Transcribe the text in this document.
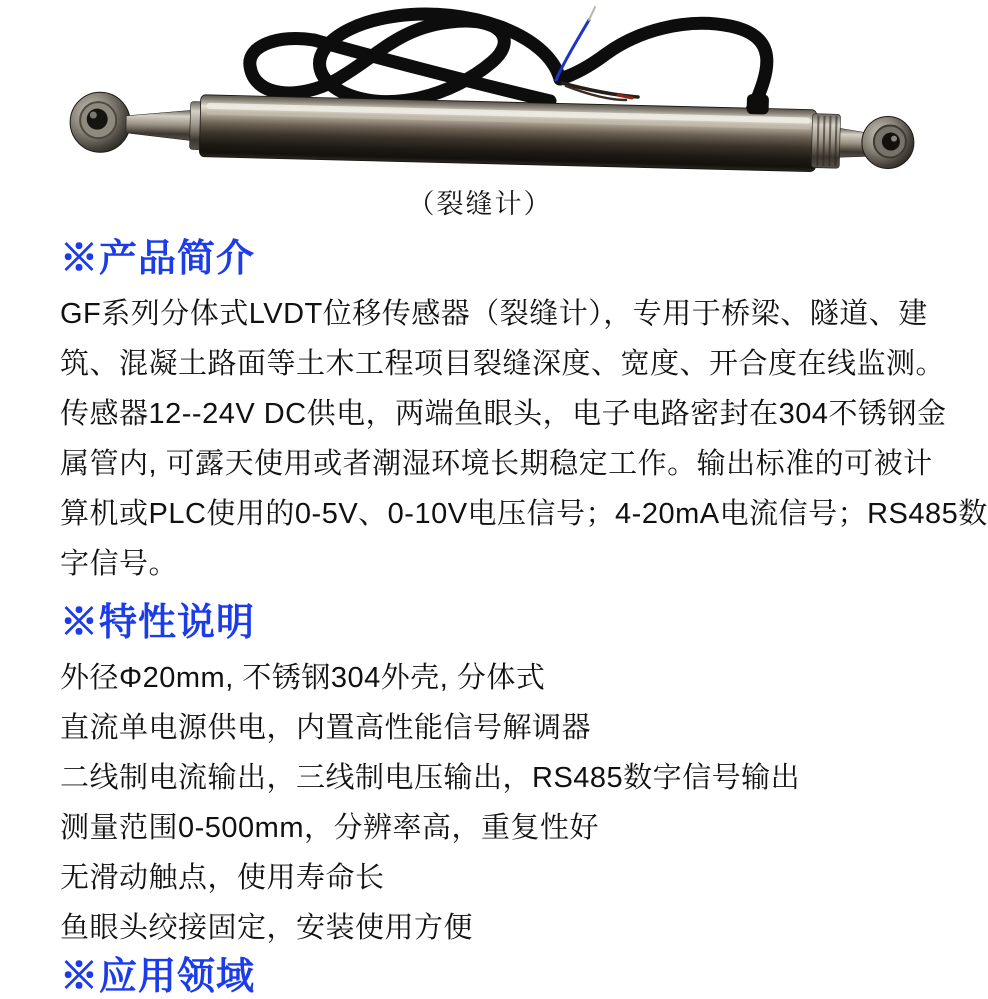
（裂缝计）
※产品简介
GF系列分体式LVDT位移传感器（裂缝计），专用于桥梁、隧道、建
筑、混凝土路面等土木工程项目裂缝深度、宽度、开合度在线监测。
传感器12--24V DC供电，两端鱼眼头，电子电路密封在304不锈钢金
属管内, 可露天使用或者潮湿环境长期稳定工作。输出标准的可被计
算机或PLC使用的0-5V、0-10V电压信号；4-20mA电流信号；RS485数
字信号。
※特性说明
外径Φ20mm, 不锈钢304外壳, 分体式
直流单电源供电，内置高性能信号解调器
二线制电流输出，三线制电压输出，RS485数字信号输出
测量范围0-500mm，分辨率高，重复性好
无滑动触点，使用寿命长
鱼眼头绞接固定，安装使用方便
※应用领域
